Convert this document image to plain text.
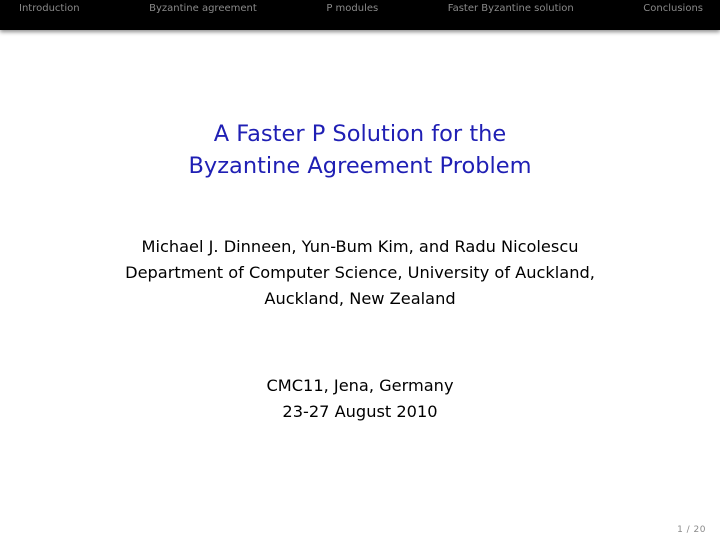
Introduction	Byzantine agreement	P modules	Faster Byzantine solution	Conclusions
A Faster P Solution for the
Byzantine Agreement Problem
Michael J. Dinneen, Yun-Bum Kim, and Radu Nicolescu
Department of Computer Science, University of Auckland,
Auckland, New Zealand
CMC11, Jena, Germany
23-27 August 2010
1 / 20
